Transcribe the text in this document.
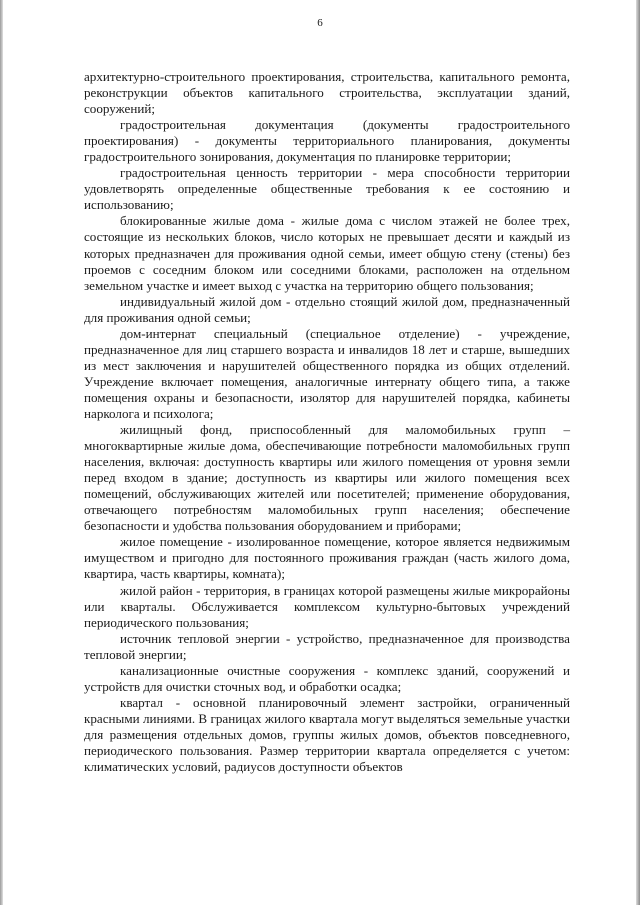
6

архитектурно-строительного проектирования, строительства, капитального ремонта, реконструкции объектов капитального строительства, эксплуатации зданий, сооружений;

градостроительная документация (документы градостроительного проектирования) - документы территориального планирования, документы градостроительного зонирования, документация по планировке территории;

градостроительная ценность территории - мера способности территории удовлетворять определенные общественные требования к ее состоянию и использованию;

блокированные жилые дома - жилые дома с числом этажей не более трех, состоящие из нескольких блоков, число которых не превышает десяти и каждый из которых предназначен для проживания одной семьи, имеет общую стену (стены) без проемов с соседним блоком или соседними блоками, расположен на отдельном земельном участке и имеет выход с участка на территорию общего пользования;

индивидуальный жилой дом - отдельно стоящий жилой дом, предназначенный для проживания одной семьи;

дом-интернат специальный (специальное отделение) - учреждение, предназначенное для лиц старшего возраста и инвалидов 18 лет и старше, вышедших из мест заключения и нарушителей общественного порядка из общих отделений. Учреждение включает помещения, аналогичные интернату общего типа, а также помещения охраны и безопасности, изолятор для нарушителей порядка, кабинеты нарколога и психолога;

жилищный фонд, приспособленный для маломобильных групп – многоквартирные жилые дома, обеспечивающие потребности маломобильных групп населения, включая: доступность квартиры или жилого помещения от уровня земли перед входом в здание; доступность из квартиры или жилого помещения всех помещений, обслуживающих жителей или посетителей; применение оборудования, отвечающего потребностям маломобильных групп населения; обеспечение безопасности и удобства пользования оборудованием и приборами;

жилое помещение - изолированное помещение, которое является недвижимым имуществом и пригодно для постоянного проживания граждан (часть жилого дома, квартира, часть квартиры, комната);

жилой район - территория, в границах которой размещены жилые микрорайоны или кварталы. Обслуживается комплексом культурно-бытовых учреждений периодического пользования;

источник тепловой энергии - устройство, предназначенное для производства тепловой энергии;

канализационные очистные сооружения - комплекс зданий, сооружений и устройств для очистки сточных вод, и обработки осадка;

квартал - основной планировочный элемент застройки, ограниченный красными линиями. В границах жилого квартала могут выделяться земельные участки для размещения отдельных домов, группы жилых домов, объектов повседневного, периодического пользования. Размер территории квартала определяется с учетом: климатических условий, радиусов доступности объектов
